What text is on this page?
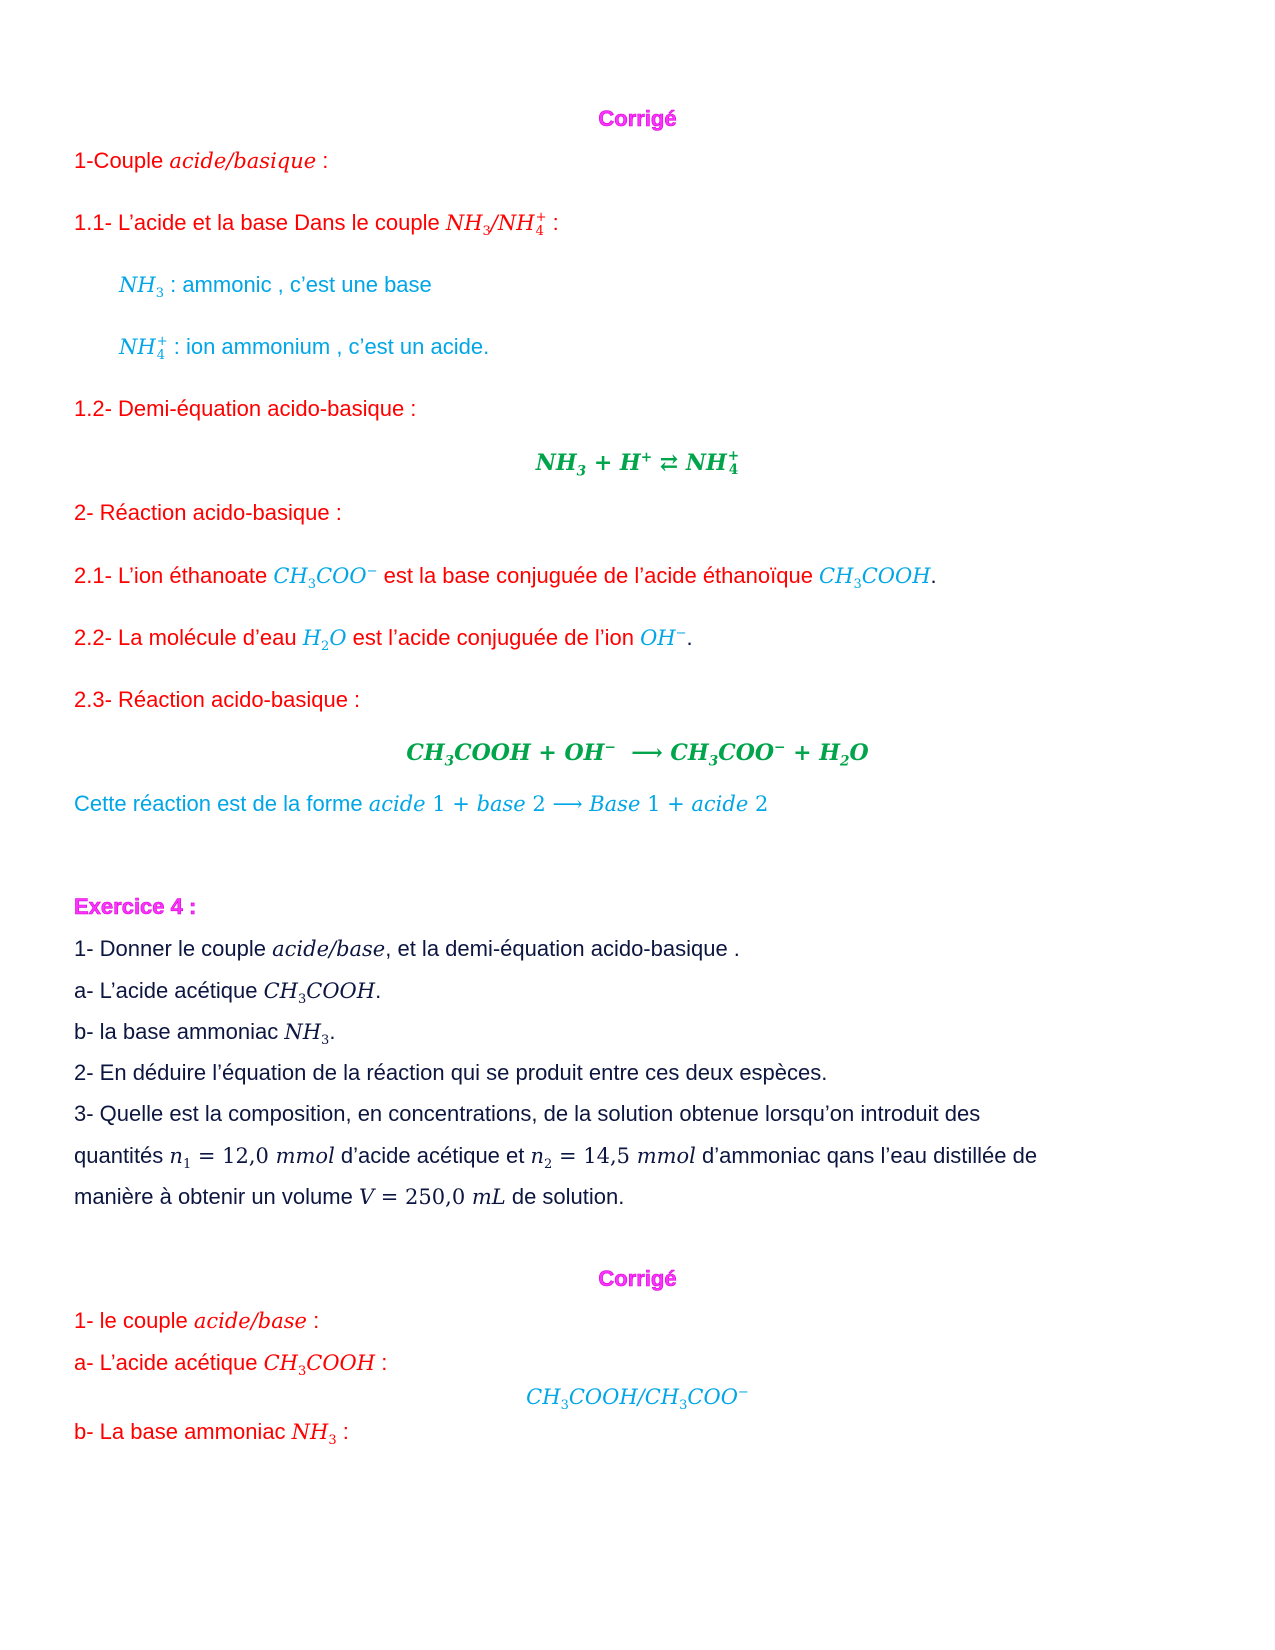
Corrigé
1-Couple acide/basique :
1.1- L’acide et la base Dans le couple $NH_3/NH$ +
4 :
$NH_3$ : ammonic , c’est une base
NH +
4 : ion ammonium , c’est un acide.
1.2- Demi-équation acido-basique :
$NH_3 + H^+$ ⇄ NH +
4
2- Réaction acido-basique :
2.1- L’ion éthanoate $CH_3COO^-$ est la base conjuguée de l’acide éthanoïque $CH_3COOH$.
2.2- La molécule d’eau $H_2O$ est l’acide conjuguée de l’ion OH−.
2.3- Réaction acido-basique :
$CH_3COOH + OH^-$  ⟶ $CH_3COO^- + H_2O$
Cette réaction est de la forme acide 1 + base 2 ⟶ Base 1 + acide 2
Exercice 4 :
1- Donner le couple acide/base, et la demi-équation acido-basique .
a- L’acide acétique $CH_3COOH$.
b- la base ammoniac $NH_3$.
2- En déduire l’équation de la réaction qui se produit entre ces deux espèces.
3- Quelle est la composition, en concentrations, de la solution obtenue lorsqu’on introduit des
quantités $n_1 = 12,0$ mmol d’acide acétique et $n_2 = 14,5$ mmol d’ammoniac qans l’eau distillée de
manière à obtenir un volume V = 250,0 mL de solution.
Corrigé
1- le couple acide/base :
a- L’acide acétique $CH_3COOH$ :
$CH_3COOH/CH_3COO^-$
b- La base ammoniac $NH_3$ :
